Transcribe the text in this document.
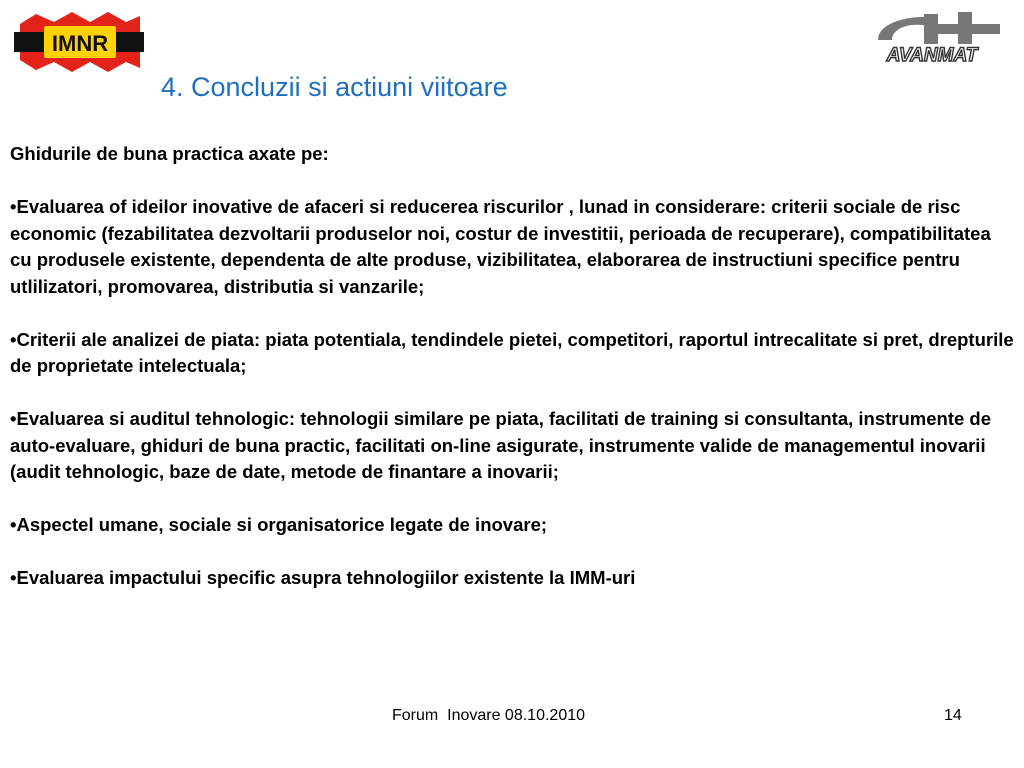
IMNR	AVANMAT
4. Concluzii si actiuni viitoare

Ghidurile de buna practica axate pe:

•Evaluarea of ideilor inovative de afaceri si reducerea riscurilor , lunad in considerare: criterii sociale de risc economic (fezabilitatea dezvoltarii produselor noi, costur de investitii, perioada de recuperare), compatibilitatea cu produsele existente, dependenta de alte produse, vizibilitatea, elaborarea de instructiuni specifice pentru utlilizatori, promovarea, distributia si vanzarile;

•Criterii ale analizei de piata: piata potentiala, tendindele pietei, competitori, raportul intrecalitate si pret, drepturile de proprietate intelectuala;

•Evaluarea si auditul tehnologic: tehnologii similare pe piata, facilitati de training si consultanta, instrumente de auto-evaluare, ghiduri de buna practic, facilitati on-line asigurate, instrumente valide de managementul inovarii (audit tehnologic, baze de date, metode de finantare a inovarii;

•Aspectel umane, sociale si organisatorice legate de inovare;

•Evaluarea impactului specific asupra tehnologiilor existente la IMM-uri

Forum  Inovare 08.10.2010	14
